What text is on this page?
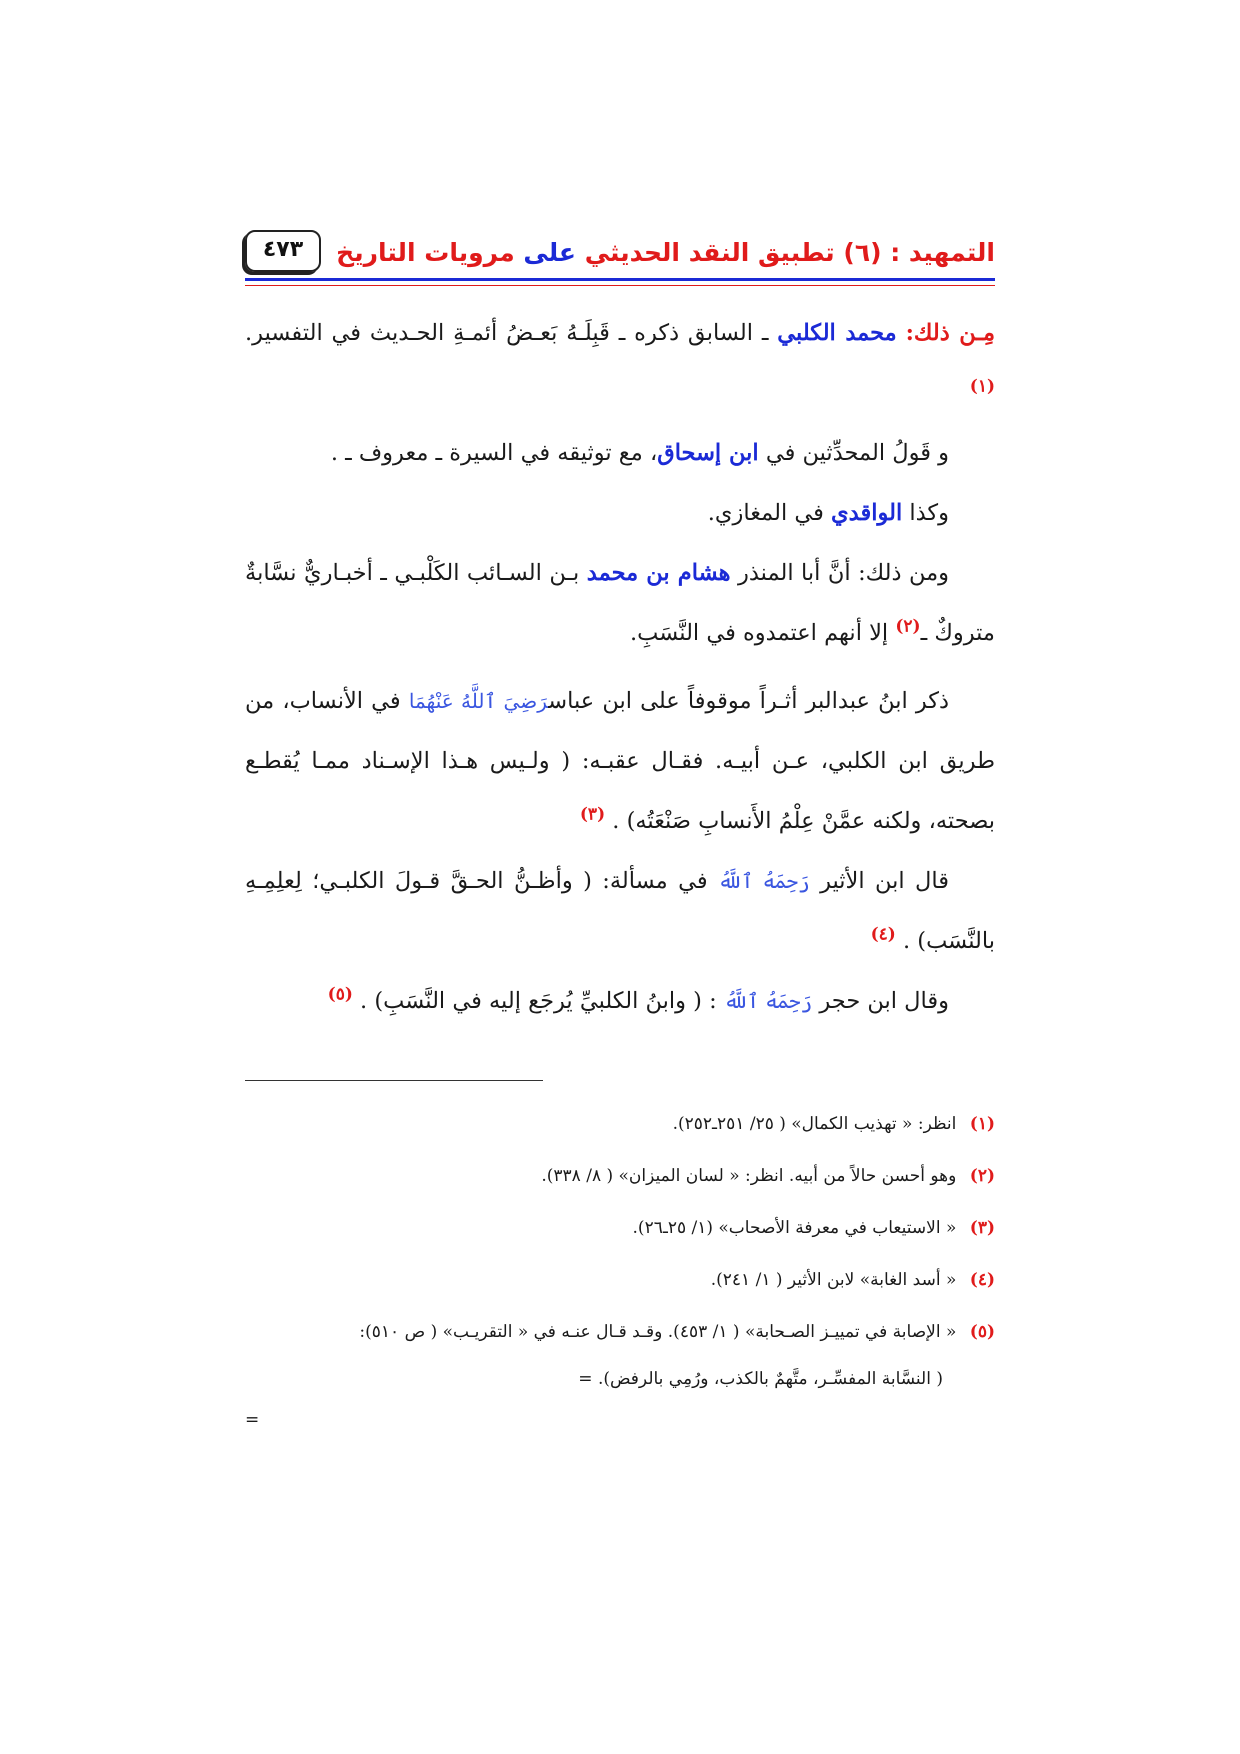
التمهيد : (٦) تطبيق النقد الحديثي على مرويات التاريخ
٤٧٣

مِـن ذلك: محمد الكلبي ـ السابق ذكره ـ قَبِلَـهُ بَعـضُ أئمـةِ الحـديث في التفسير. $^{(١)}$

و قَولُ المحدِّثين في ابن إسحاق، مع توثيقه في السيرة ـ معروف ـ .

وكذا الواقدي في المغازي.

ومن ذلك: أنَّ أبا المنذر هشام بن محمد بـن السـائب الكَلْبـي ـ أخبـاريٌّ نسَّابةٌ متروكٌ ـ$^{(٢)}$ إلا أنهم اعتمدوه في النَّسَبِ.

ذكر ابنُ عبدالبر أثـراً موقوفاً على ابن عباسرَضِيَ ٱللَّهُ عَنْهُمَا في الأنساب، من طريق ابن الكلبي، عـن أبيـه. فقـال عقبـه: ( ولـيس هـذا الإسـناد ممـا يُقطـع بصحته، ولكنه عمَّنْ عِلْمُ الأَنسابِ صَنْعَتُه) . $^{(٣)}$

قال ابن الأثير رَحِمَهُ ٱللَّهُ في مسألة: ( وأظـنُّ الحـقَّ قـولَ الكلبـي؛ لِعلِمِـهِ بالنَّسَب) . $^{(٤)}$

وقال ابن حجر رَحِمَهُ ٱللَّهُ : ( وابنُ الكلبيِّ يُرجَع إليه في النَّسَبِ) . $^{(٥)}$

(١) انظر: « تهذيب الكمال» ( ٢٥/ ٢٥١ـ٢٥٢).

(٢) وهو أحسن حالاً من أبيه. انظر: « لسان الميزان» ( ٨/ ٣٣٨).

(٣) « الاستيعاب في معرفة الأصحاب» (١/ ٢٥ـ٢٦).

(٤) « أسد الغابة» لابن الأثير ( ١/ ٢٤١).

(٥) « الإصابة في تمييـز الصـحابة» ( ١/ ٤٥٣). وقـد قـال عنـه في « التقريـب» ( ص ٥١٠):

( النسَّابة المفسِّـر، متَّهمٌ بالكذب، ورُمِي بالرفض). =

=
